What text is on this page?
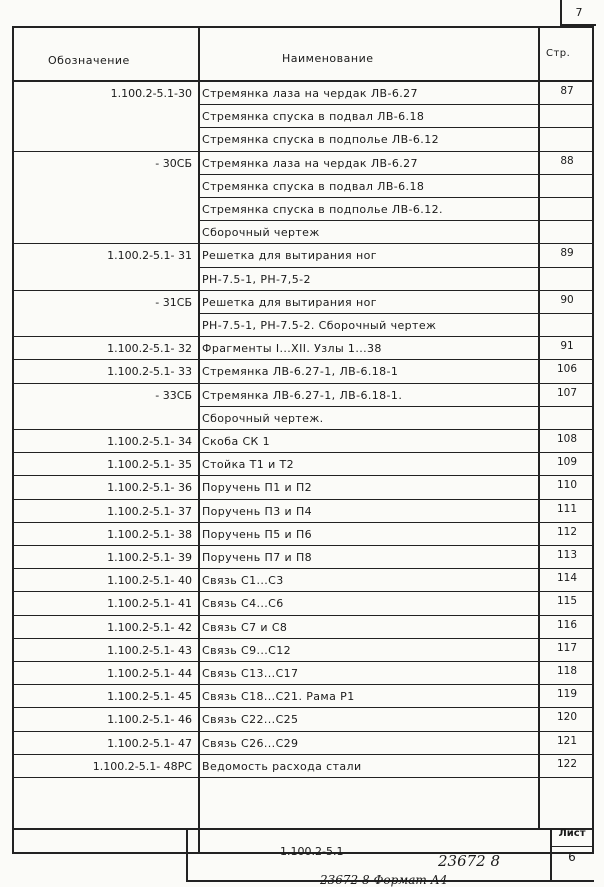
7
Обозначение	Наименование	Стр.
1.100.2-5.1-30 Стремянка лаза на чердак ЛВ-6.27	87
Стремянка спуска в подвал ЛВ-6.18
Стремянка спуска в подполье ЛВ-6.12
- 30СБ Стремянка лаза на чердак ЛВ-6.27	88
Стремянка спуска в подвал ЛВ-6.18
Стремянка спуска в подполье ЛВ-6.12.
Сборочный чертеж
1.100.2-5.1- 31 Решетка для вытирания ног	89
РН-7.5-1, РН-7,5-2
- 31СБ Решетка для вытирания ног	90
РН-7.5-1, РН-7.5-2. Сборочный чертеж
1.100.2-5.1- 32 Фрагменты I...XII. Узлы 1...38	91
1.100.2-5.1- 33 Стремянка ЛВ-6.27-1, ЛВ-6.18-1	106
- 33СБ Стремянка ЛВ-6.27-1, ЛВ-6.18-1.	107
Сборочный чертеж.
1.100.2-5.1- 34 Скоба СК 1	108
1.100.2-5.1- 35 Стойка Т1 и Т2	109
1.100.2-5.1- 36 Поручень П1 и П2	110
1.100.2-5.1- 37 Поручень П3 и П4	111
1.100.2-5.1- 38 Поручень П5 и П6	112
1.100.2-5.1- 39 Поручень П7 и П8	113
1.100.2-5.1- 40 Связь С1...С3	114
1.100.2-5.1- 41 Связь С4...С6	115
1.100.2-5.1- 42 Связь С7 и С8	116
1.100.2-5.1- 43 Связь С9...С12	117
1.100.2-5.1- 44 Связь С13...С17	118
1.100.2-5.1- 45 Связь С18...С21. Рама Р1	119
1.100.2-5.1- 46 Связь С22...С25	120
1.100.2-5.1- 47 Связь С26...С29	121
1.100.2-5.1- 48РС Ведомость расхода стали	122
1.100.2-5.1
23672 8
Лист
6
23672 8 Формат А4
